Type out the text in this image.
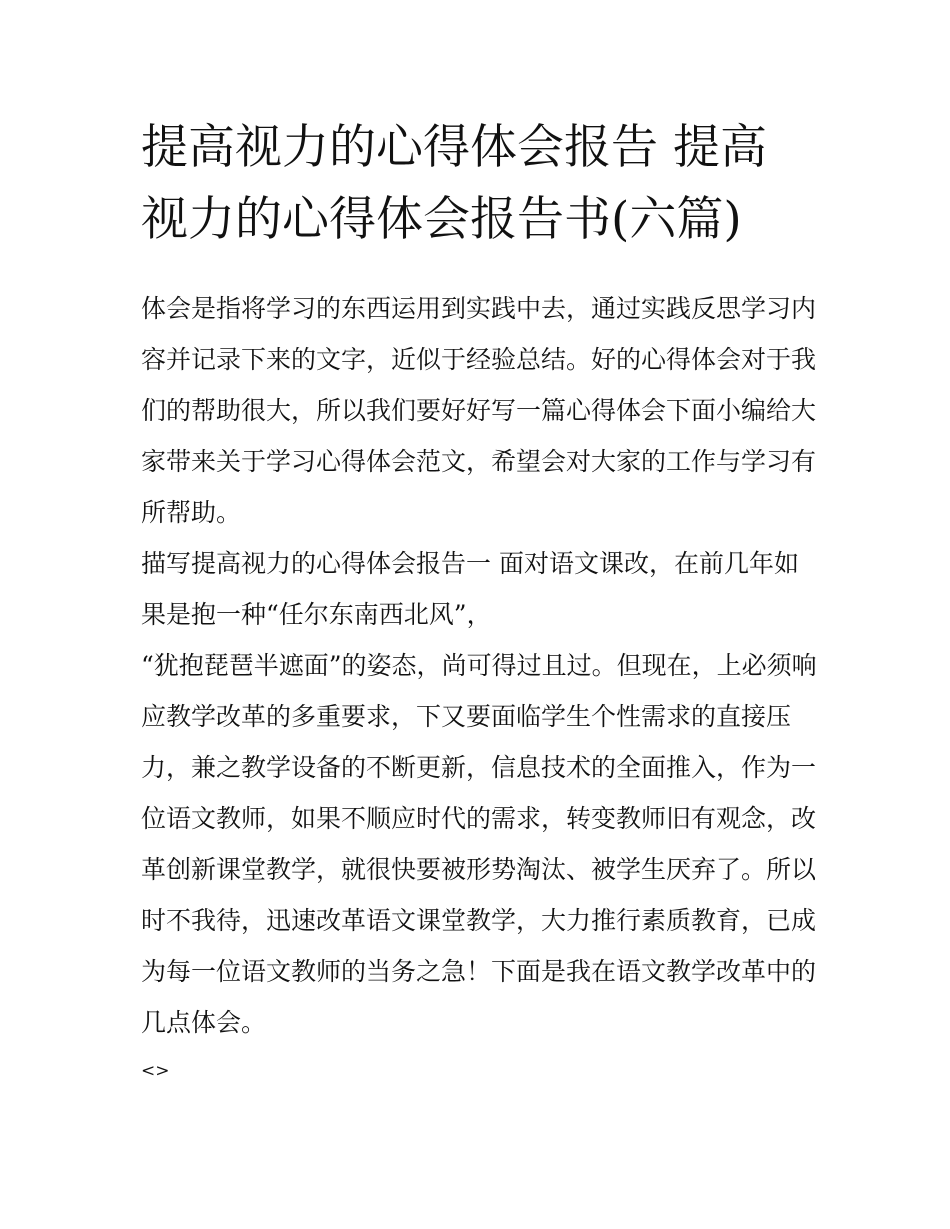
提高视力的心得体会报告 提高
视力的心得体会报告书(六篇)

体会是指将学习的东西运用到实践中去，通过实践反思学习内
容并记录下来的文字，近似于经验总结。好的心得体会对于我
们的帮助很大，所以我们要好好写一篇心得体会下面小编给大
家带来关于学习心得体会范文，希望会对大家的工作与学习有
所帮助。

描写提高视力的心得体会报告一 面对语文课改，在前几年如
果是抱一种“任尔东南西北风”，
“犹抱琵琶半遮面”的姿态，尚可得过且过。但现在，上必须响
应教学改革的多重要求，下又要面临学生个性需求的直接压
力，兼之教学设备的不断更新，信息技术的全面推入，作为一
位语文教师，如果不顺应时代的需求，转变教师旧有观念，改
革创新课堂教学，就很快要被形势淘汰、被学生厌弃了。所以
时不我待，迅速改革语文课堂教学，大力推行素质教育，已成
为每一位语文教师的当务之急！下面是我在语文教学改革中的
几点体会。

<>
